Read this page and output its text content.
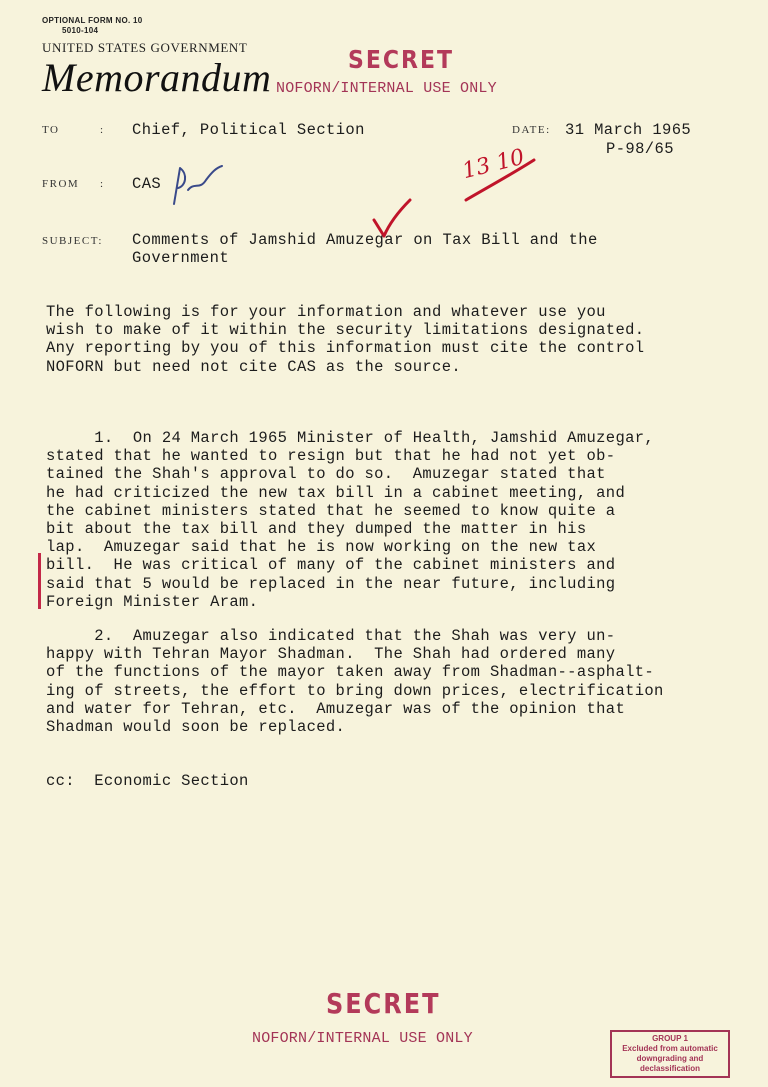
OPTIONAL FORM NO. 10
5010-104
UNITED STATES GOVERNMENT
Memorandum	SECRET
NOFORN/INTERNAL USE ONLY
TO	: Chief, Political Section	DATE: 31 March 1965
P-98/65
FROM : CAS	13 10
SUBJECT: Comments of Jamshid Amuzegar on Tax Bill and the
Government
The following is for your information and whatever use you
wish to make of it within the security limitations designated.
Any reporting by you of this information must cite the control
NOFORN but need not cite CAS as the source.
1.  On 24 March 1965 Minister of Health, Jamshid Amuzegar,
stated that he wanted to resign but that he had not yet ob-
tained the Shah's approval to do so.  Amuzegar stated that
he had criticized the new tax bill in a cabinet meeting, and
the cabinet ministers stated that he seemed to know quite a
bit about the tax bill and they dumped the matter in his
lap.  Amuzegar said that he is now working on the new tax
bill.  He was critical of many of the cabinet ministers and
said that 5 would be replaced in the near future, including
Foreign Minister Aram.
2.  Amuzegar also indicated that the Shah was very un-
happy with Tehran Mayor Shadman.  The Shah had ordered many
of the functions of the mayor taken away from Shadman--asphalt-
ing of streets, the effort to bring down prices, electrification
and water for Tehran, etc.  Amuzegar was of the opinion that
Shadman would soon be replaced.
cc:  Economic Section
SECRET
NOFORN/INTERNAL USE ONLY	GROUP 1
Excluded from automatic
downgrading and
declassification
